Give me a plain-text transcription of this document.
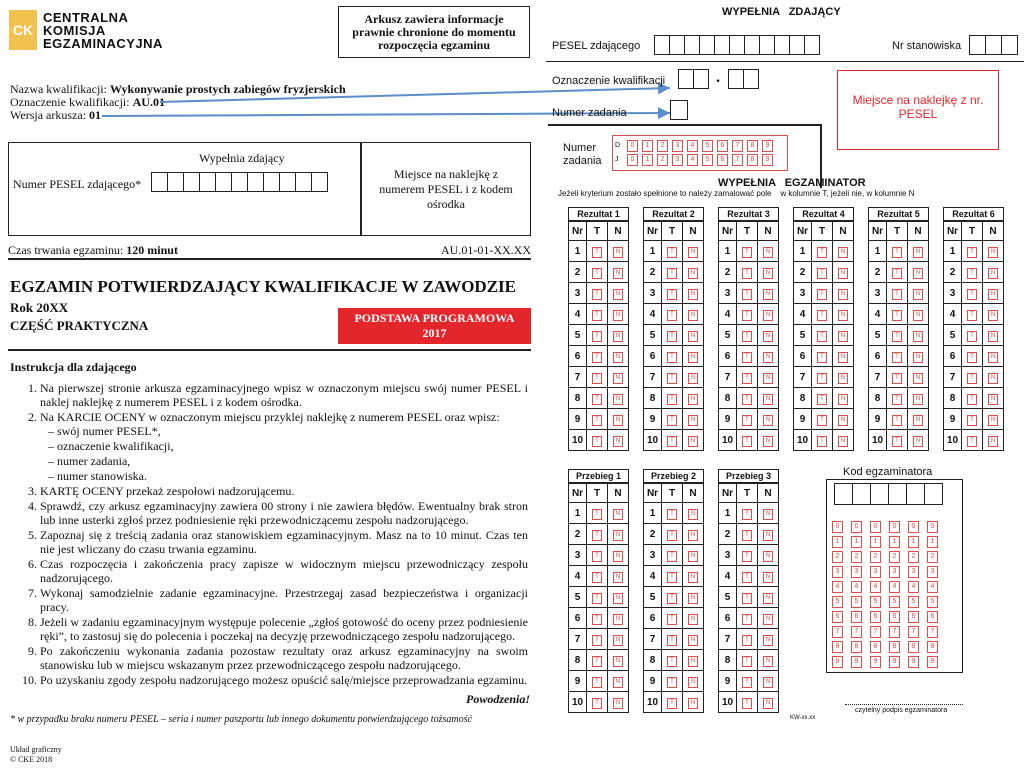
CK
CENTRALNA
KOMISJA
EGZAMINACYJNA
Arkusz zawiera informacje prawnie chronione do momentu rozpoczęcia egzaminu
Nazwa kwalifikacji: Wykonywanie prostych zabiegów fryzjerskich
Oznaczenie kwalifikacji: AU.01
Wersja arkusza: 01
Wypełnia zdający
Numer PESEL zdającego*
Miejsce na naklejkę z numerem PESEL i z kodem ośrodka
Czas trwania egzaminu: 120 minut	AU.01-01-XX.XX
EGZAMIN POTWIERDZAJĄCY KWALIFIKACJE W ZAWODZIE
Rok 20XX
CZĘŚĆ PRAKTYCZNA	PODSTAWA PROGRAMOWA
2017
Instrukcja dla zdającego
1. Na pierwszej stronie arkusza egzaminacyjnego wpisz w oznaczonym miejscu swój numer PESEL i naklej naklejkę z numerem PESEL i z kodem ośrodka.
2. Na KARCIE OCENY w oznaczonym miejscu przyklej naklejkę z numerem PESEL oraz wpisz:
– swój numer PESEL*,
– oznaczenie kwalifikacji,
– numer zadania,
– numer stanowiska.
3. KARTĘ OCENY przekaż zespołowi nadzorującemu.
4. Sprawdź, czy arkusz egzaminacyjny zawiera 00 strony i nie zawiera błędów. Ewentualny brak stron lub inne usterki zgłoś przez podniesienie ręki przewodniczącemu zespołu nadzorującego.
5. Zapoznaj się z treścią zadania oraz stanowiskiem egzaminacyjnym. Masz na to 10 minut. Czas ten nie jest wliczany do czasu trwania egzaminu.
6. Czas rozpoczęcia i zakończenia pracy zapisze w widocznym miejscu przewodniczący zespołu nadzorującego.
7. Wykonaj samodzielnie zadanie egzaminacyjne. Przestrzegaj zasad bezpieczeństwa i organizacji pracy.
8. Jeżeli w zadaniu egzaminacyjnym występuje polecenie „zgłoś gotowość do oceny przez podniesienie ręki”, to zastosuj się do polecenia i poczekaj na decyzję przewodniczącego zespołu nadzorującego.
9. Po zakończeniu wykonania zadania pozostaw rezultaty oraz arkusz egzaminacyjny na swoim stanowisku lub w miejscu wskazanym przez przewodniczącego zespołu nadzorującego.
10. Po uzyskaniu zgody zespołu nadzorującego możesz opuścić salę/miejsce przeprowadzania egzaminu.
Powodzenia!
* w przypadku braku numeru PESEL – seria i numer paszportu lub innego dokumentu potwierdzającego tożsamość
Układ graficzny
© CKE 2018
WYPEŁNIA ZDAJĄCY
PESEL zdającego	Nr stanowiska
Oznaczenie kwalifikacji	.
Numer zadania
Miejsce na naklejkę z nr. PESEL
Numer zadania
D 0 1 2 3 4 5 6 7 8 9
J 0 1 2 3 4 5 6 7 8 9
WYPEŁNIA EGZAMINATOR
Jeżeli kryterium zostało spełnione to należy zamalować pole    w kolumnie T, jeżeli nie, w kolumnie N
Rezultat 1
Nr	T	N
1	T	N
2	T	N
3	T	N
4	T	N
5	T	N
6	T	N
7	T	N
8	T	N
9	T	N
10	T	N
Rezultat 2
Nr	T	N
1	T	N
2	T	N
3	T	N
4	T	N
5	T	N
6	T	N
7	T	N
8	T	N
9	T	N
10	T	N
Rezultat 3
Nr	T	N
1	T	N
2	T	N
3	T	N
4	T	N
5	T	N
6	T	N
7	T	N
8	T	N
9	T	N
10	T	N
Rezultat 4
Nr	T	N
1	T	N
2	T	N
3	T	N
4	T	N
5	T	N
6	T	N
7	T	N
8	T	N
9	T	N
10	T	N
Rezultat 5
Nr	T	N
1	T	N
2	T	N
3	T	N
4	T	N
5	T	N
6	T	N
7	T	N
8	T	N
9	T	N
10	T	N
Rezultat 6
Nr	T	N
1	T	N
2	T	N
3	T	N
4	T	N
5	T	N
6	T	N
7	T	N
8	T	N
9	T	N
10	T	N
Przebieg 1
Nr	T	N
1	T	N
2	T	N
3	T	N
4	T	N
5	T	N
6	T	N
7	T	N
8	T	N
9	T	N
10	T	N
Przebieg 2
Nr	T	N
1	T	N
2	T	N
3	T	N
4	T	N
5	T	N
6	T	N
7	T	N
8	T	N
9	T	N
10	T	N
Przebieg 3
Nr	T	N
1	T	N
2	T	N
3	T	N
4	T	N
5	T	N
6	T	N
7	T	N
8	T	N
9	T	N
10	T	N
Kod egzaminatora
0 0 0 0 0 0
1 1 1 1 1 1
2 2 2 2 2 2
3 3 3 3 3 3
4 4 4 4 4 4
5 5 5 5 5 5
6 6 6 6 6 6
7 7 7 7 7 7
8 8 8 8 8 8
9 9 9 9 9 9
czytelny podpis egzaminatora
KW-xx.xx
